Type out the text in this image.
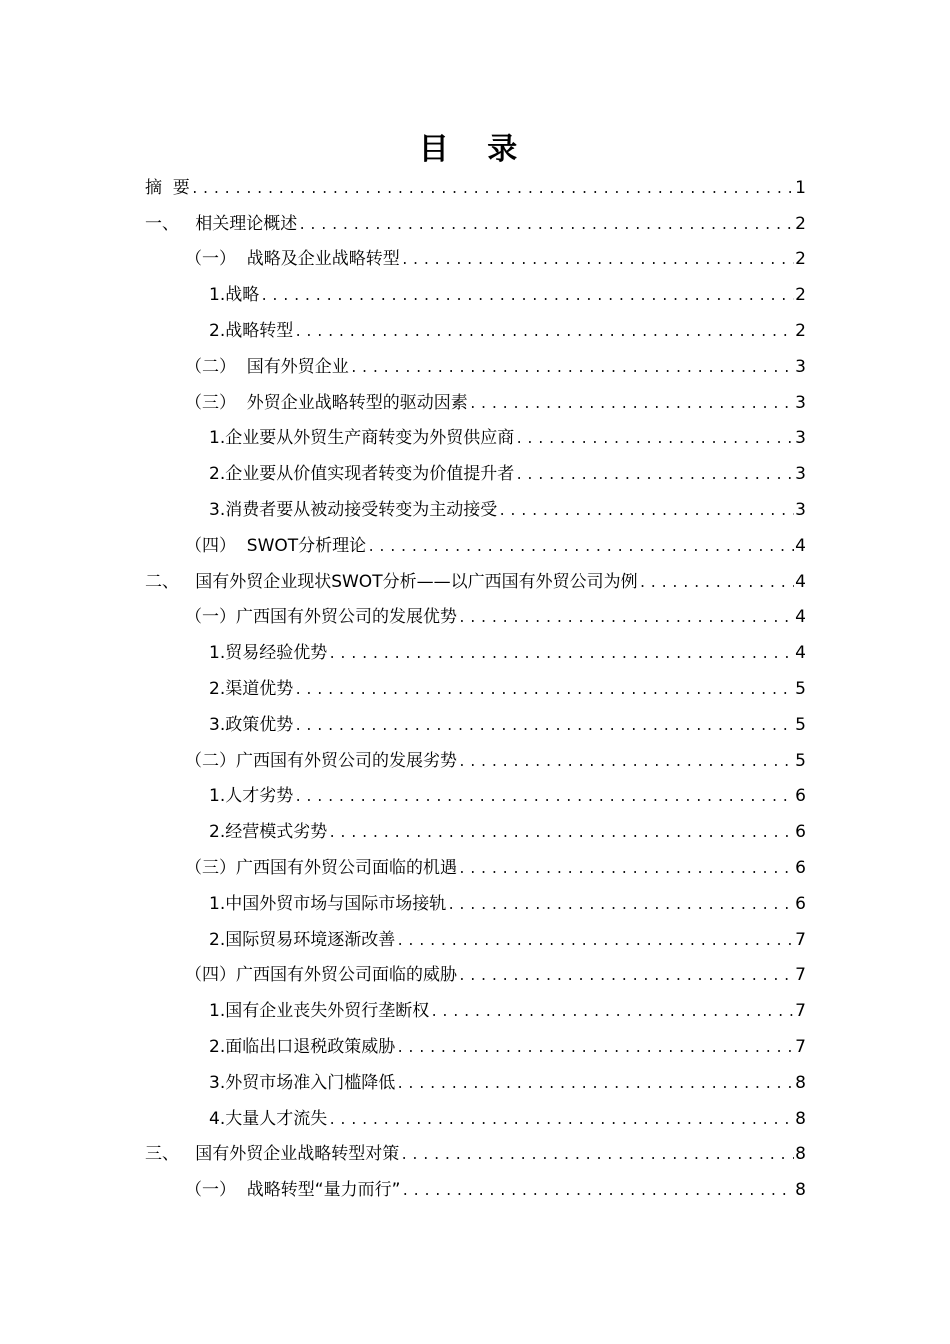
目 录
摘  要 .....	1
一、   相关理论概述 .....	2
（一）  战略及企业战略转型 .....	2
1.战略 .....	2
2.战略转型 .....	2
（二）  国有外贸企业 .....	3
（三）  外贸企业战略转型的驱动因素 .....	3
1.企业要从外贸生产商转变为外贸供应商 .....	3
2.企业要从价值实现者转变为价值提升者 .....	3
3.消费者要从被动接受转变为主动接受 .....	3
（四）  SWOT分析理论 .....	4
二、   国有外贸企业现状SWOT分析——以广西国有外贸公司为例 .....	4
（一）广西国有外贸公司的发展优势 .....	4
1.贸易经验优势 .....	4
2.渠道优势 .....	5
3.政策优势 .....	5
（二）广西国有外贸公司的发展劣势 .....	5
1.人才劣势 .....	6
2.经营模式劣势 .....	6
（三）广西国有外贸公司面临的机遇 .....	6
1.中国外贸市场与国际市场接轨 .....	6
2.国际贸易环境逐渐改善 .....	7
（四）广西国有外贸公司面临的威胁 .....	7
1.国有企业丧失外贸行垄断权 .....	7
2.面临出口退税政策威胁 .....	7
3.外贸市场准入门槛降低 .....	8
4.大量人才流失 .....	8
三、   国有外贸企业战略转型对策 .....	8
（一）  战略转型“量力而行” .....	8
